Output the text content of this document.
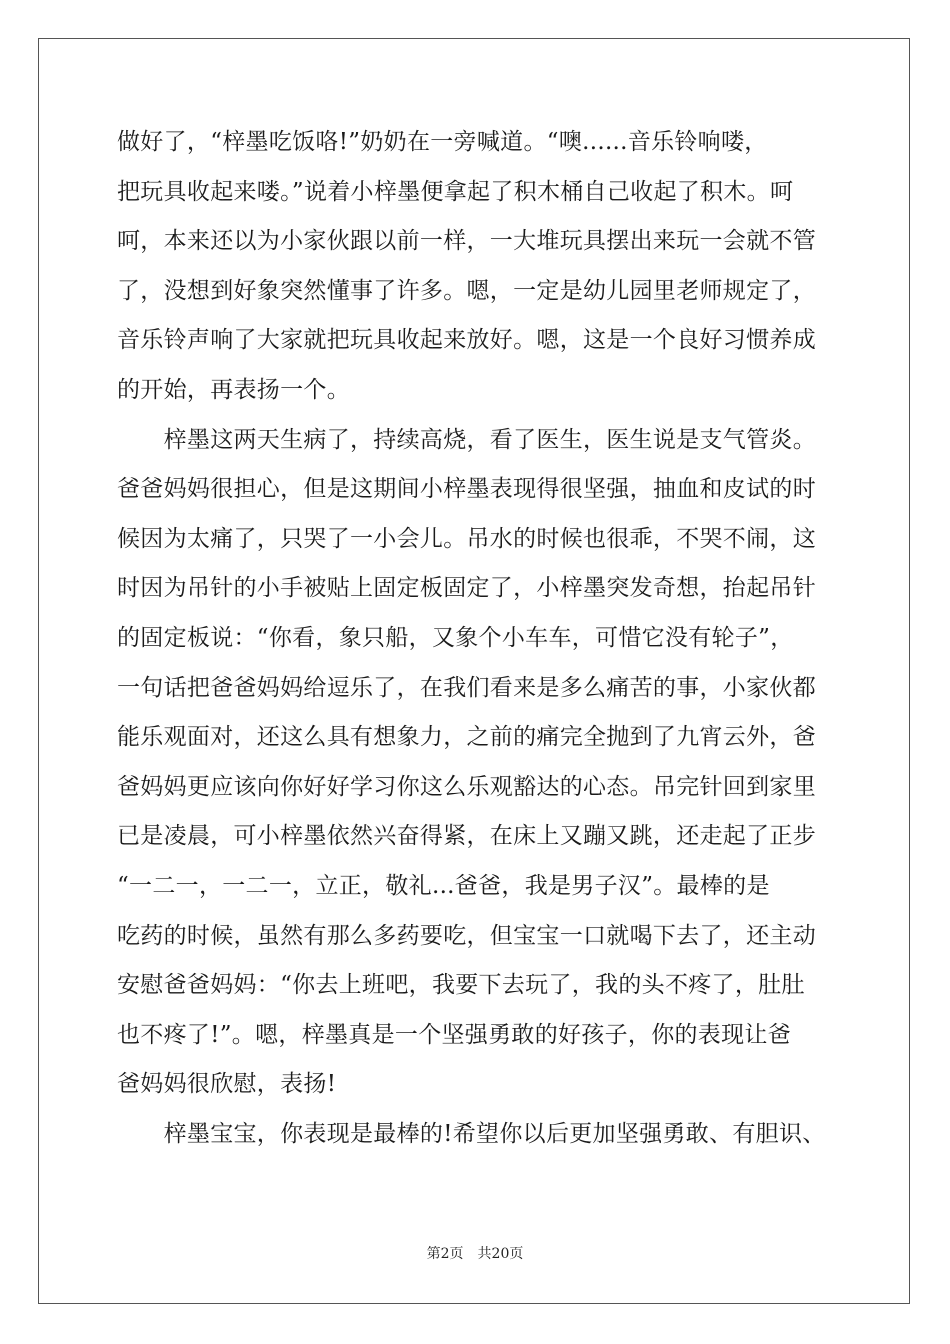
做好了，“梓墨吃饭咯!”奶奶在一旁喊道。“噢......音乐铃响喽，
把玩具收起来喽。”说着小梓墨便拿起了积木桶自己收起了积木。呵
呵，本来还以为小家伙跟以前一样，一大堆玩具摆出来玩一会就不管
了，没想到好象突然懂事了许多。嗯，一定是幼儿园里老师规定了，
音乐铃声响了大家就把玩具收起来放好。嗯，这是一个良好习惯养成
的开始，再表扬一个。
　　梓墨这两天生病了，持续高烧，看了医生，医生说是支气管炎。
爸爸妈妈很担心，但是这期间小梓墨表现得很坚强，抽血和皮试的时
候因为太痛了，只哭了一小会儿。吊水的时候也很乖，不哭不闹，这
时因为吊针的小手被贴上固定板固定了，小梓墨突发奇想，抬起吊针
的固定板说：“你看，象只船，又象个小车车，可惜它没有轮子”，
一句话把爸爸妈妈给逗乐了，在我们看来是多么痛苦的事，小家伙都
能乐观面对，还这么具有想象力，之前的痛完全抛到了九宵云外，爸
爸妈妈更应该向你好好学习你这么乐观豁达的心态。吊完针回到家里
已是凌晨，可小梓墨依然兴奋得紧，在床上又蹦又跳，还走起了正步
“一二一，一二一，立正，敬礼...爸爸，我是男子汉”。最棒的是
吃药的时候，虽然有那么多药要吃，但宝宝一口就喝下去了，还主动
安慰爸爸妈妈：“你去上班吧，我要下去玩了，我的头不疼了，肚肚
也不疼了!”。嗯，梓墨真是一个坚强勇敢的好孩子，你的表现让爸
爸妈妈很欣慰，表扬!
　　梓墨宝宝，你表现是最棒的!希望你以后更加坚强勇敢、有胆识、
第2页　共20页
